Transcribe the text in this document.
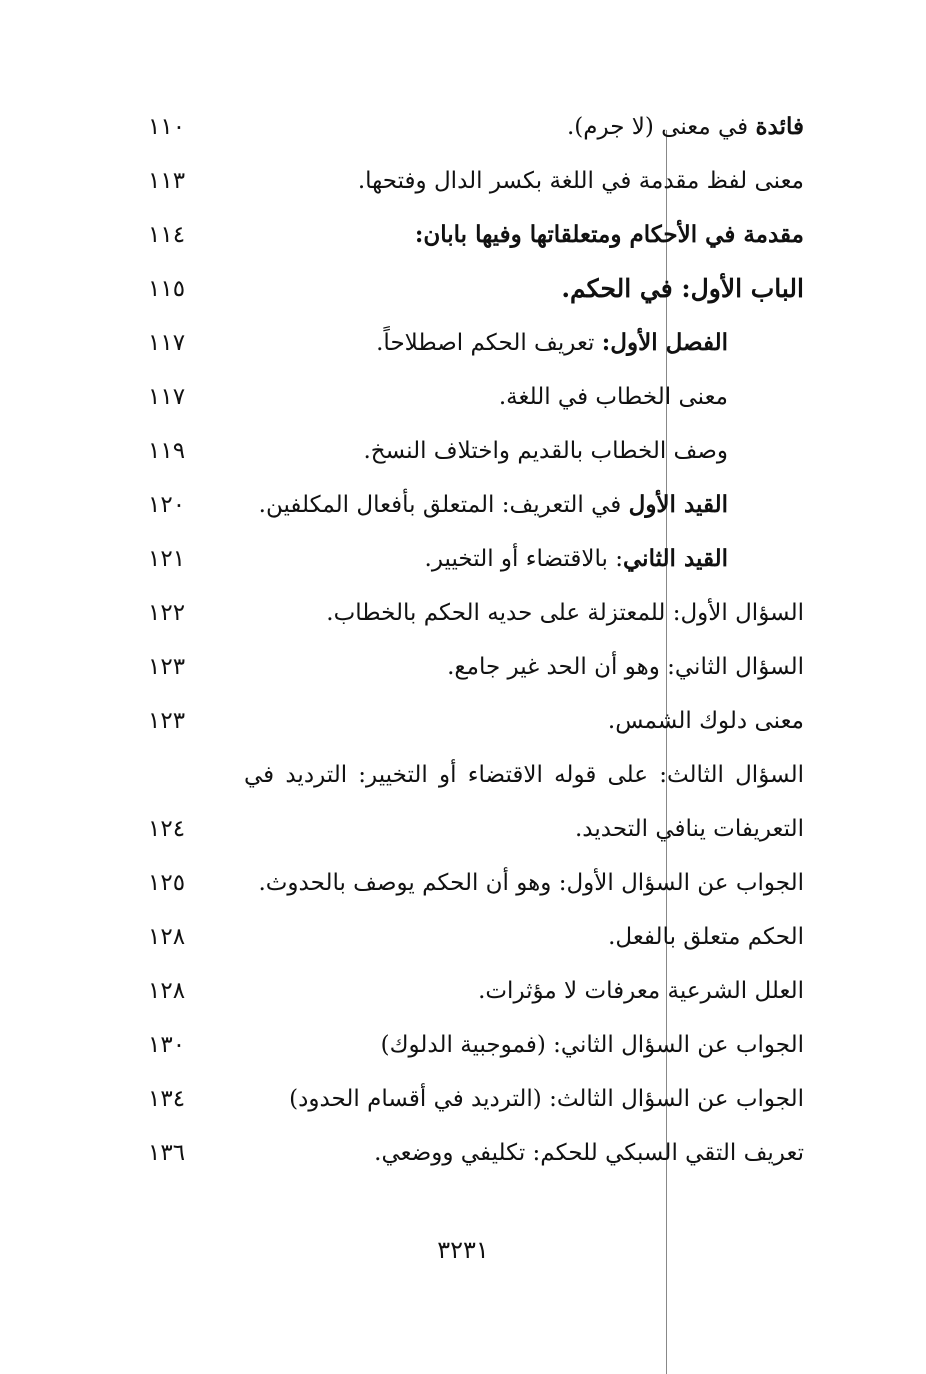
فائدة في معنى (لا جرم).
١١٠
معنى لفظ مقدمة في اللغة بكسر الدال وفتحها.
١١٣
مقدمة في الأحكام ومتعلقاتها وفيها بابان:
١١٤
الباب الأول: في الحكم.
١١٥
الفصل الأول: تعريف الحكم اصطلاحاً.
١١٧
معنى الخطاب في اللغة.
١١٧
وصف الخطاب بالقديم واختلاف النسخ.
١١٩
القيد الأول في التعريف: المتعلق بأفعال المكلفين.
١٢٠
القيد الثاني: بالاقتضاء أو التخيير.
١٢١
السؤال الأول: للمعتزلة على حديه الحكم بالخطاب.
١٢٢
السؤال الثاني: وهو أن الحد غير جامع.
١٢٣
معنى دلوك الشمس.
١٢٣
السؤال الثالث: على قوله الاقتضاء أو التخيير: الترديد في
التعريفات ينافي التحديد.
١٢٤
الجواب عن السؤال الأول: وهو أن الحكم يوصف بالحدوث.
١٢٥
الحكم متعلق بالفعل.
١٢٨
العلل الشرعية معرفات لا مؤثرات.
١٢٨
الجواب عن السؤال الثاني: (فموجبية الدلوك)
١٣٠
الجواب عن السؤال الثالث: (الترديد في أقسام الحدود)
١٣٤
تعريف التقي السبكي للحكم: تكليفي ووضعي.
١٣٦
٣٢٣١
